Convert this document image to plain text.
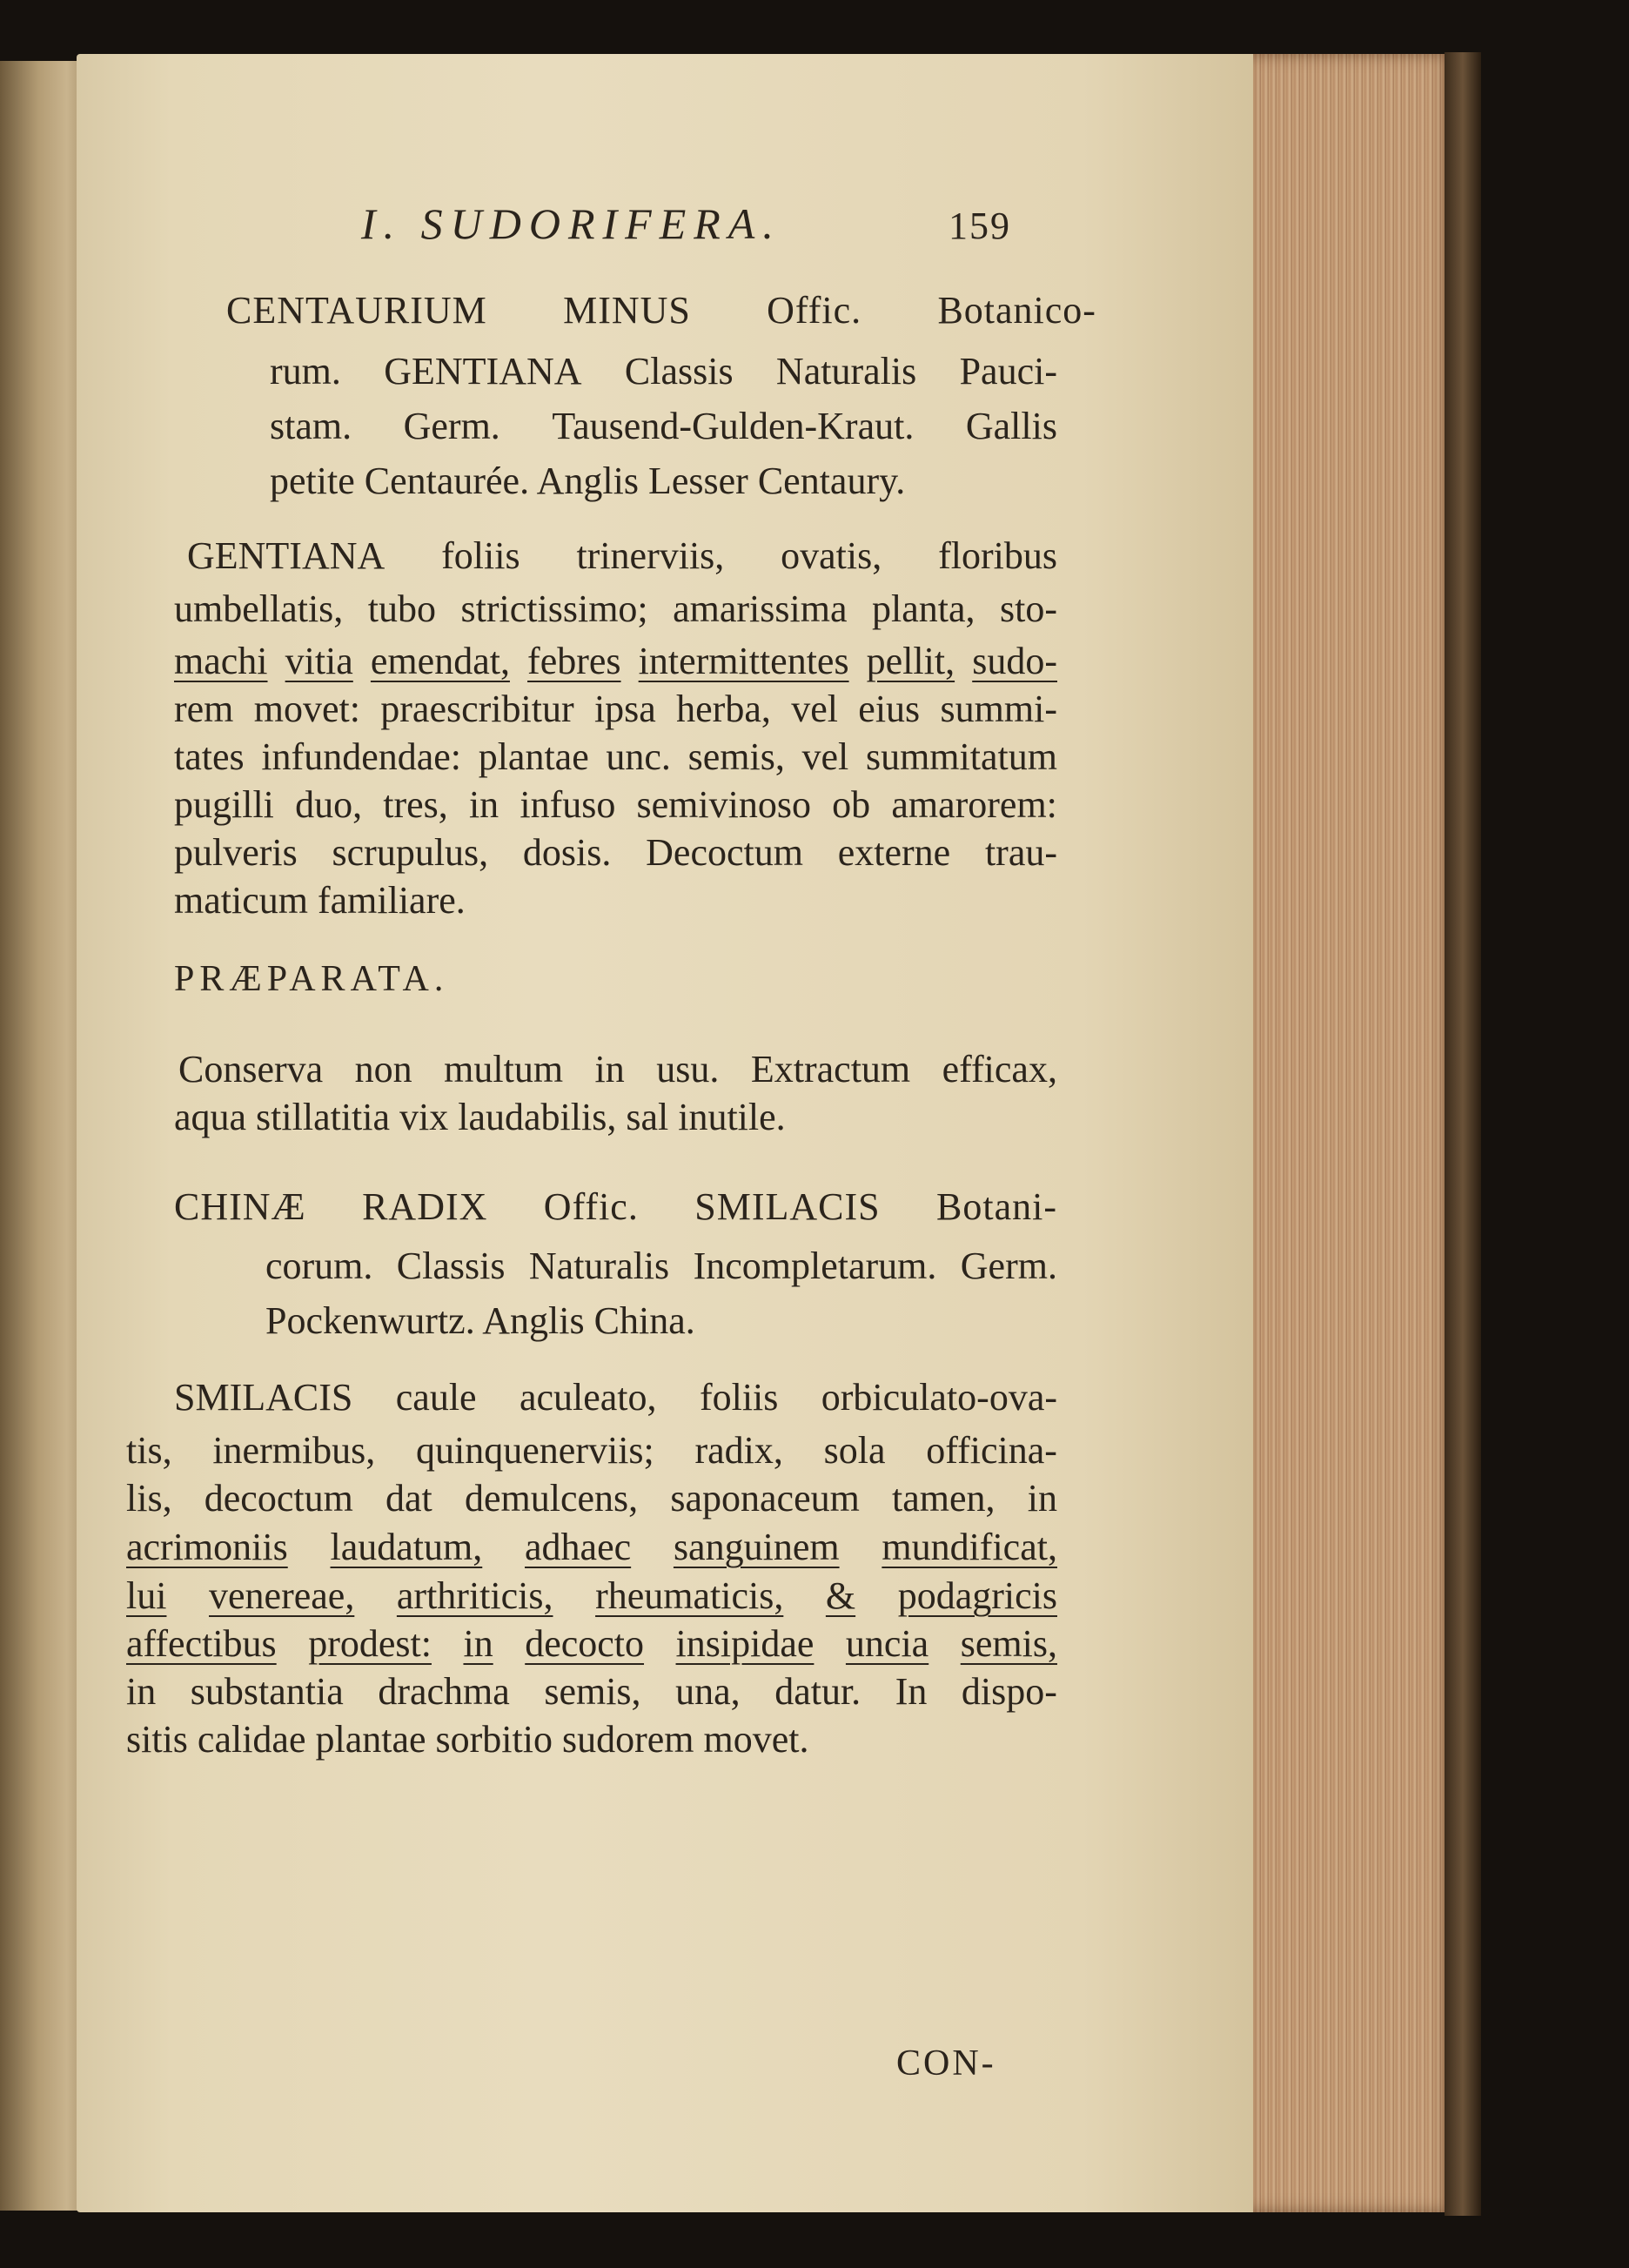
I. SUDORIFERA.	159
CENTAURIUM MINUS Offic. Botanico-
rum. GENTIANA Classis Naturalis Pauci-
stam. Germ. Tausend-Gulden-Kraut. Gallis
petite Centaurée. Anglis Lesser Centaury.
GENTIANA foliis trinerviis, ovatis, floribus
umbellatis, tubo strictissimo; amarissima planta, sto-
machi vitia emendat, febres intermittentes pellit, sudo-
rem movet: praescribitur ipsa herba, vel eius summi-
tates infundendae: plantae unc. semis, vel summitatum
pugilli duo, tres, in infuso semivinoso ob amarorem:
pulveris scrupulus, dosis. Decoctum externe trau-
maticum familiare.
PRÆPARATA.
Conserva non multum in usu. Extractum efficax,
aqua stillatitia vix laudabilis, sal inutile.
CHINÆ RADIX Offic. SMILACIS Botani-
corum. Classis Naturalis Incompletarum. Germ.
Pockenwurtz. Anglis China.
SMILACIS caule aculeato, foliis orbiculato-ova-
tis, inermibus, quinquenerviis; radix, sola officina-
lis, decoctum dat demulcens, saponaceum tamen, in
acrimoniis laudatum, adhaec sanguinem mundificat,
lui venereae, arthriticis, rheumaticis, & podagricis
affectibus prodest: in decocto insipidae uncia semis,
in substantia drachma semis, una, datur. In dispo-
sitis calidae plantae sorbitio sudorem movet.
CON-
